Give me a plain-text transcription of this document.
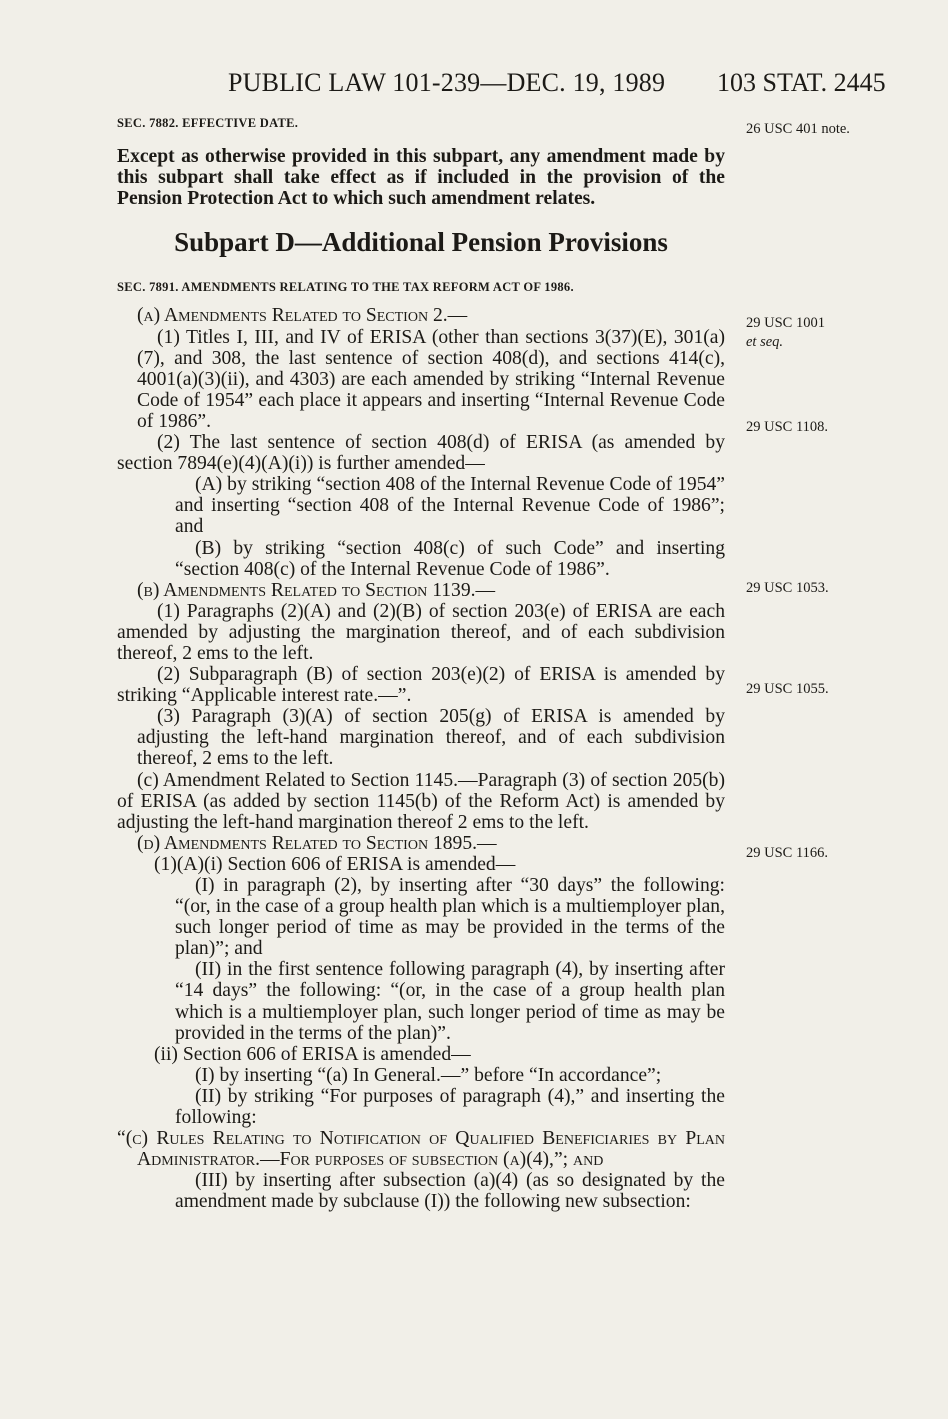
PUBLIC LAW 101-239—DEC. 19, 1989 103 STAT. 2445

SEC. 7882. EFFECTIVE DATE.

Except as otherwise provided in this subpart, any amendment made by this subpart shall take effect as if included in the provision of the Pension Protection Act to which such amendment relates.

Subpart D—Additional Pension Provisions

SEC. 7891. AMENDMENTS RELATING TO THE TAX REFORM ACT OF 1986.

(a) Amendments Related to Section 2.—

(1) Titles I, III, and IV of ERISA (other than sections 3(37)(E), 301(a)(7), and 308, the last sentence of section 408(d), and sections 414(c), 4001(a)(3)(ii), and 4303) are each amended by striking “Internal Revenue Code of 1954” each place it appears and inserting “Internal Revenue Code of 1986”.

(2) The last sentence of section 408(d) of ERISA (as amended by section 7894(e)(4)(A)(i)) is further amended—

(A) by striking “section 408 of the Internal Revenue Code of 1954” and inserting “section 408 of the Internal Revenue Code of 1986”; and

(B) by striking “section 408(c) of such Code” and inserting “section 408(c) of the Internal Revenue Code of 1986”.

(b) Amendments Related to Section 1139.—

(1) Paragraphs (2)(A) and (2)(B) of section 203(e) of ERISA are each amended by adjusting the margination thereof, and of each subdivision thereof, 2 ems to the left.

(2) Subparagraph (B) of section 203(e)(2) of ERISA is amended by striking “Applicable interest rate.—”.

(3) Paragraph (3)(A) of section 205(g) of ERISA is amended by adjusting the left-hand margination thereof, and of each subdivision thereof, 2 ems to the left.

(c) Amendment Related to Section 1145.—Paragraph (3) of section 205(b) of ERISA (as added by section 1145(b) of the Reform Act) is amended by adjusting the left-hand margination thereof 2 ems to the left.

(d) Amendments Related to Section 1895.—

(1)(A)(i) Section 606 of ERISA is amended—

(I) in paragraph (2), by inserting after “30 days” the following: “(or, in the case of a group health plan which is a multiemployer plan, such longer period of time as may be provided in the terms of the plan)”; and

(II) in the first sentence following paragraph (4), by inserting after “14 days” the following: “(or, in the case of a group health plan which is a multiemployer plan, such longer period of time as may be provided in the terms of the plan)”.

(ii) Section 606 of ERISA is amended—

(I) by inserting “(a) In General.—” before “In accordance”;

(II) by striking “For purposes of paragraph (4),” and inserting the following:

“(c) Rules Relating to Notification of Qualified Beneficiaries by Plan Administrator.—For purposes of subsection (a)(4),”; and

(III) by inserting after subsection (a)(4) (as so designated by the amendment made by subclause (I)) the following new subsection:

26 USC 401 note.
29 USC 1001
et seq.
29 USC 1108.
29 USC 1053.
29 USC 1055.
29 USC 1166.
